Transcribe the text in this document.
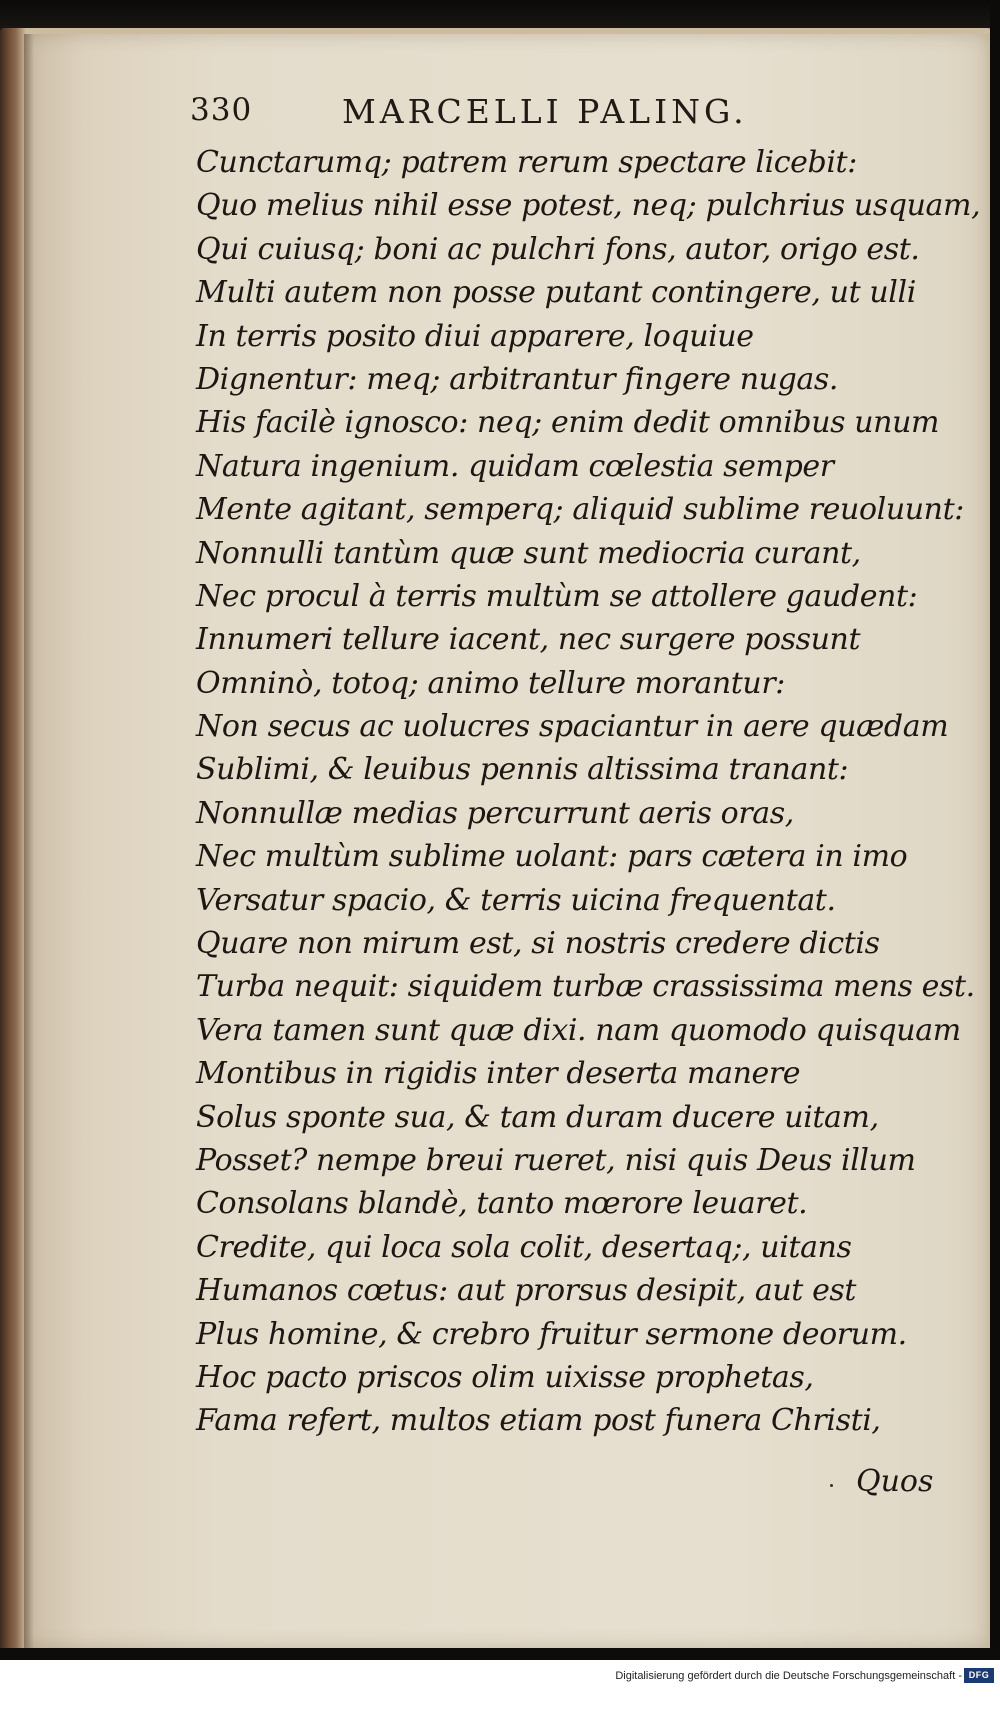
330	MARCELLI PALING.
Cunctarumq; patrem rerum spectare licebit:
Quo melius nihil esse potest, neq; pulchrius usquam,
Qui cuiusq; boni ac pulchri fons, autor, origo est.
Multi autem non posse putant contingere, ut ulli
In terris posito diui apparere, loquiue
Dignentur: meq; arbitrantur fingere nugas.
His facilè ignosco: neq; enim dedit omnibus unum
Natura ingenium. quidam cœlestia semper
Mente agitant, semperq; aliquid sublime reuoluunt:
Nonnulli tantùm quæ sunt mediocria curant,
Nec procul à terris multùm se attollere gaudent:
Innumeri tellure iacent, nec surgere possunt
Omninò, totoq; animo tellure morantur:
Non secus ac uolucres spaciantur in aere quædam
Sublimi, & leuibus pennis altissima tranant:
Nonnullæ medias percurrunt aeris oras,
Nec multùm sublime uolant: pars cætera in imo
Versatur spacio, & terris uicina frequentat.
Quare non mirum est, si nostris credere dictis
Turba nequit: siquidem turbæ crassissima mens est.
Vera tamen sunt quæ dixi. nam quomodo quisquam
Montibus in rigidis inter deserta manere
Solus sponte sua, & tam duram ducere uitam,
Posset? nempe breui rueret, nisi quis Deus illum
Consolans blandè, tanto mœrore leuaret.
Credite, qui loca sola colit, desertaq;, uitans
Humanos cœtus: aut prorsus desipit, aut est
Plus homine, & crebro fruitur sermone deorum.
Hoc pacto priscos olim uixisse prophetas,
Fama refert, multos etiam post funera Christi,
Quos
Digitalisierung gefördert durch die Deutsche Forschungsgemeinschaft - DFG
